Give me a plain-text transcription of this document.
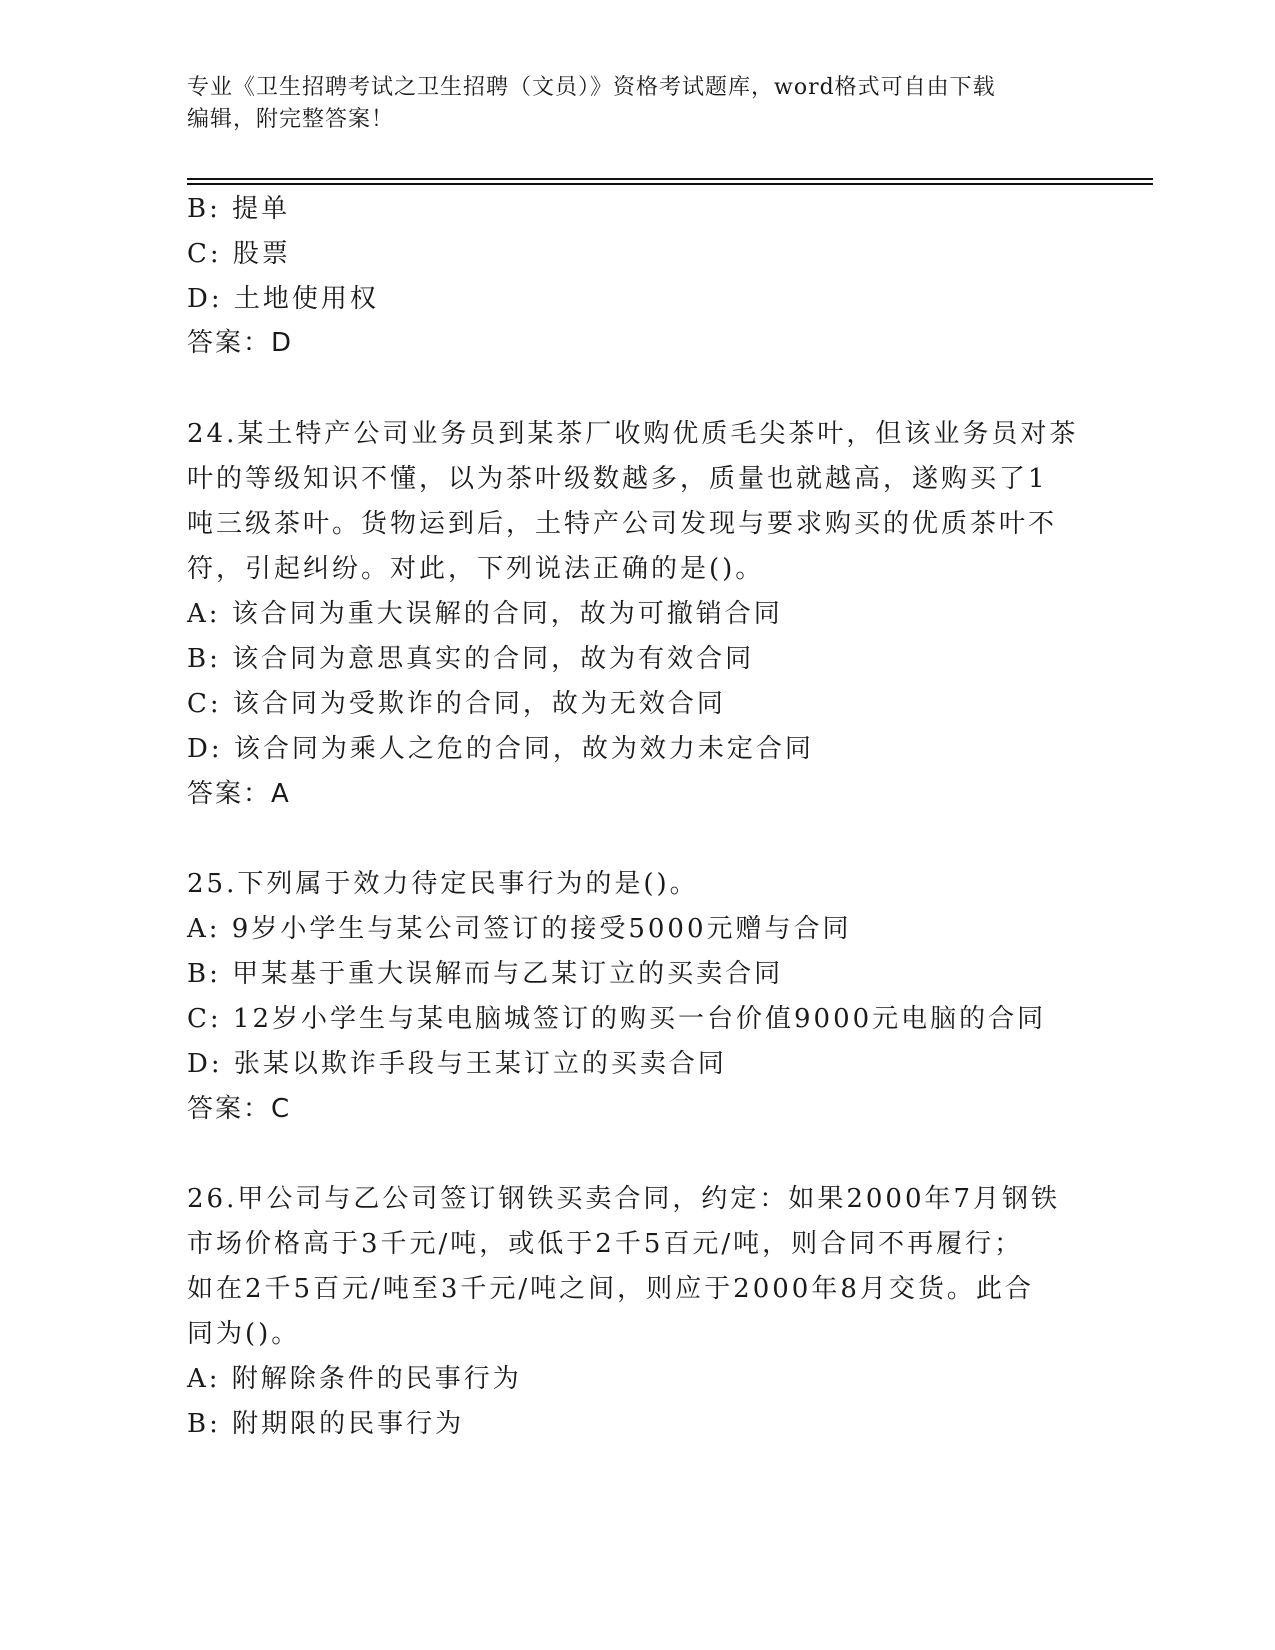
专业《卫生招聘考试之卫生招聘（文员）》资格考试题库，word格式可自由下载
编辑，附完整答案！
B: 提单
C: 股票
D: 土地使用权
答案：D
24.某土特产公司业务员到某茶厂收购优质毛尖茶叶，但该业务员对茶
叶的等级知识不懂，以为茶叶级数越多，质量也就越高，遂购买了1
吨三级茶叶。货物运到后，土特产公司发现与要求购买的优质茶叶不
符，引起纠纷。对此，下列说法正确的是()。
A: 该合同为重大误解的合同，故为可撤销合同
B: 该合同为意思真实的合同，故为有效合同
C: 该合同为受欺诈的合同，故为无效合同
D: 该合同为乘人之危的合同，故为效力未定合同
答案：A
25.下列属于效力待定民事行为的是()。
A: 9岁小学生与某公司签订的接受5000元赠与合同
B: 甲某基于重大误解而与乙某订立的买卖合同
C: 12岁小学生与某电脑城签订的购买一台价值9000元电脑的合同
D: 张某以欺诈手段与王某订立的买卖合同
答案：C
26.甲公司与乙公司签订钢铁买卖合同，约定：如果2000年7月钢铁
市场价格高于3千元/吨，或低于2千5百元/吨，则合同不再履行；
如在2千5百元/吨至3千元/吨之间，则应于2000年8月交货。此合
同为()。
A: 附解除条件的民事行为
B: 附期限的民事行为
